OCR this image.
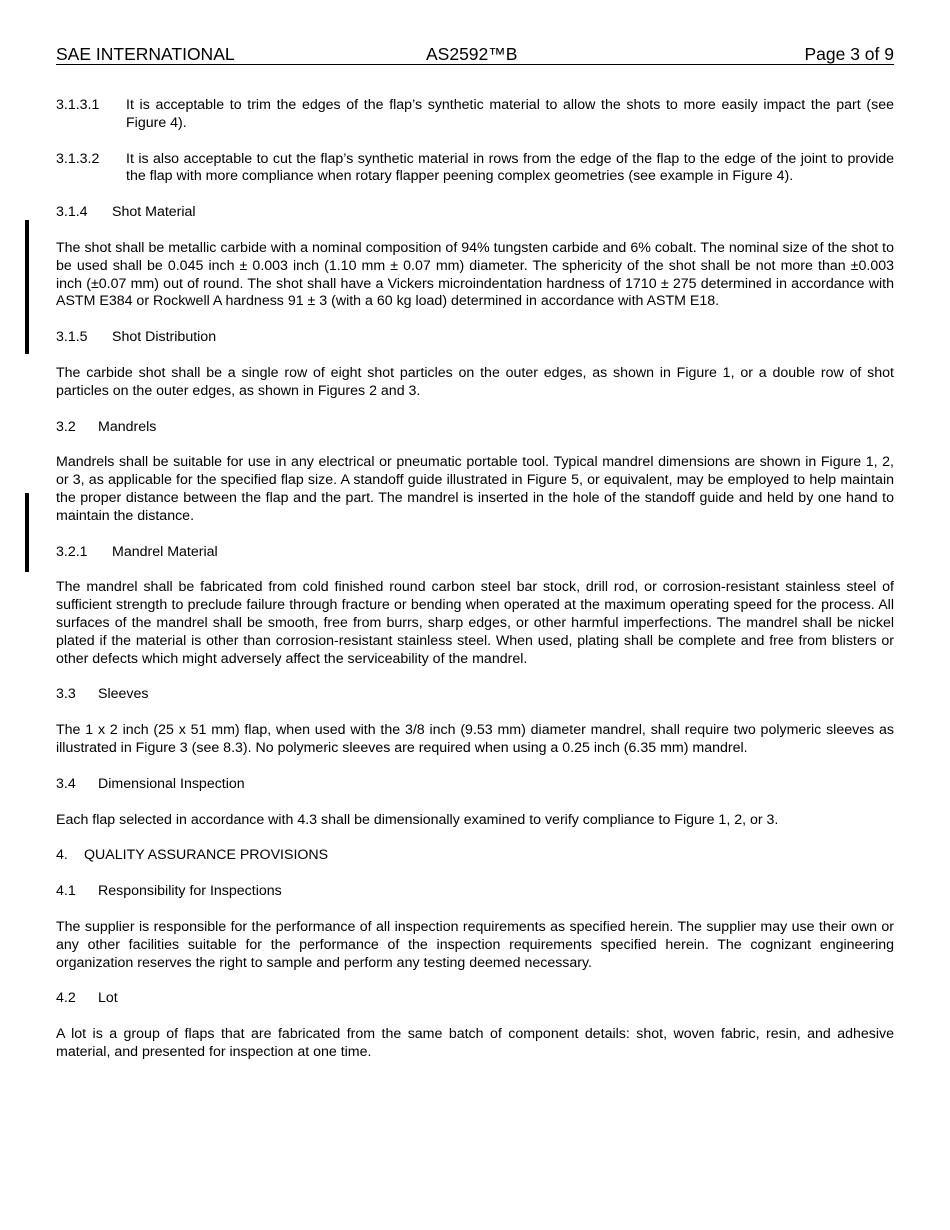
SAE INTERNATIONAL	AS2592™B	Page 3 of 9
3.1.3.1 It is acceptable to trim the edges of the flap’s synthetic material to allow the shots to more easily impact the part (see Figure 4).
3.1.3.2 It is also acceptable to cut the flap’s synthetic material in rows from the edge of the flap to the edge of the joint to provide the flap with more compliance when rotary flapper peening complex geometries (see example in Figure 4).
3.1.4 Shot Material
The shot shall be metallic carbide with a nominal composition of 94% tungsten carbide and 6% cobalt. The nominal size of the shot to be used shall be 0.045 inch ± 0.003 inch (1.10 mm ± 0.07 mm) diameter. The sphericity of the shot shall be not more than ±0.003 inch (±0.07 mm) out of round. The shot shall have a Vickers microindentation hardness of 1710 ± 275 determined in accordance with ASTM E384 or Rockwell A hardness 91 ± 3 (with a 60 kg load) determined in accordance with ASTM E18.
3.1.5 Shot Distribution
The carbide shot shall be a single row of eight shot particles on the outer edges, as shown in Figure 1, or a double row of shot particles on the outer edges, as shown in Figures 2 and 3.
3.2 Mandrels
Mandrels shall be suitable for use in any electrical or pneumatic portable tool. Typical mandrel dimensions are shown in Figure 1, 2, or 3, as applicable for the specified flap size. A standoff guide illustrated in Figure 5, or equivalent, may be employed to help maintain the proper distance between the flap and the part. The mandrel is inserted in the hole of the standoff guide and held by one hand to maintain the distance.
3.2.1 Mandrel Material
The mandrel shall be fabricated from cold finished round carbon steel bar stock, drill rod, or corrosion-resistant stainless steel of sufficient strength to preclude failure through fracture or bending when operated at the maximum operating speed for the process. All surfaces of the mandrel shall be smooth, free from burrs, sharp edges, or other harmful imperfections. The mandrel shall be nickel plated if the material is other than corrosion-resistant stainless steel. When used, plating shall be complete and free from blisters or other defects which might adversely affect the serviceability of the mandrel.
3.3 Sleeves
The 1 x 2 inch (25 x 51 mm) flap, when used with the 3/8 inch (9.53 mm) diameter mandrel, shall require two polymeric sleeves as illustrated in Figure 3 (see 8.3). No polymeric sleeves are required when using a 0.25 inch (6.35 mm) mandrel.
3.4 Dimensional Inspection
Each flap selected in accordance with 4.3 shall be dimensionally examined to verify compliance to Figure 1, 2, or 3.
4. QUALITY ASSURANCE PROVISIONS
4.1 Responsibility for Inspections
The supplier is responsible for the performance of all inspection requirements as specified herein. The supplier may use their own or any other facilities suitable for the performance of the inspection requirements specified herein. The cognizant engineering organization reserves the right to sample and perform any testing deemed necessary.
4.2 Lot
A lot is a group of flaps that are fabricated from the same batch of component details: shot, woven fabric, resin, and adhesive material, and presented for inspection at one time.
